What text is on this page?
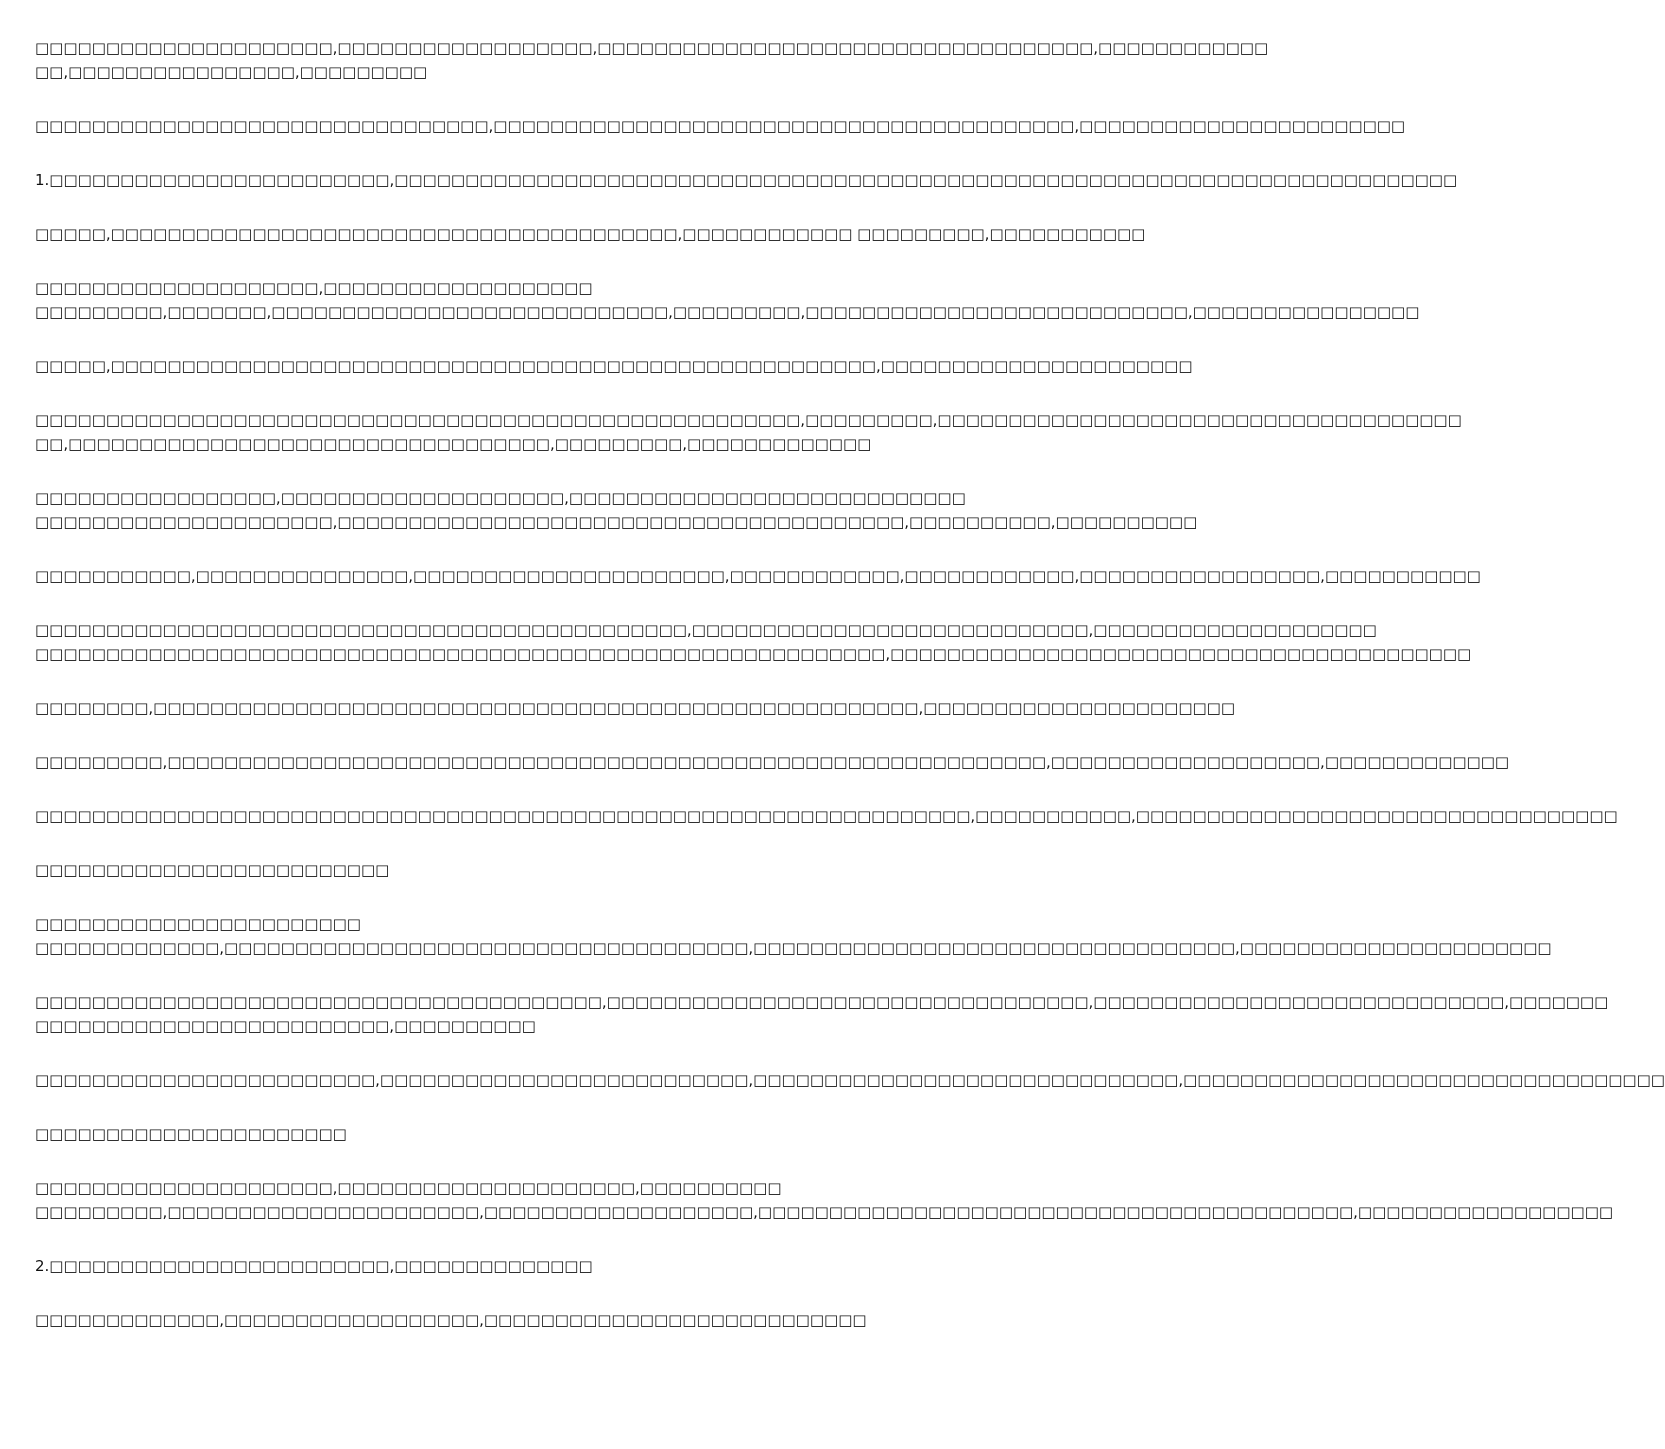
□□□□□□□□□□□□□□□□□□□□□,□□□□□□□□□□□□□□□□□□,□□□□□□□□□□□□□□□□□□□□□□□□□□□□□□□□□□□,□□□□□□□□□□□□
□□,□□□□□□□□□□□□□□□□,□□□□□□□□□

□□□□□□□□□□□□□□□□□□□□□□□□□□□□□□□□,□□□□□□□□□□□□□□□□□□□□□□□□□□□□□□□□□□□□□□□□□,□□□□□□□□□□□□□□□□□□□□□□□

1.□□□□□□□□□□□□□□□□□□□□□□□□,□□□□□□□□□□□□□□□□□□□□□□□□□□□□□□□□□□□□□□□□□□□□□□□□□□□□□□□□□□□□□□□□□□□□□□□□□□□

□□□□□,□□□□□□□□□□□□□□□□□□□□□□□□□□□□□□□□□□□□□□□□,□□□□□□□□□□□□ □□□□□□□□□,□□□□□□□□□□□

□□□□□□□□□□□□□□□□□□□□,□□□□□□□□□□□□□□□□□□□
□□□□□□□□□,□□□□□□□,□□□□□□□□□□□□□□□□□□□□□□□□□□□□,□□□□□□□□□,□□□□□□□□□□□□□□□□□□□□□□□□□□□,□□□□□□□□□□□□□□□□

□□□□□,□□□□□□□□□□□□□□□□□□□□□□□□□□□□□□□□□□□□□□□□□□□□□□□□□□□□□□,□□□□□□□□□□□□□□□□□□□□□□

□□□□□□□□□□□□□□□□□□□□□□□□□□□□□□□□□□□□□□□□□□□□□□□□□□□□□□,□□□□□□□□□,□□□□□□□□□□□□□□□□□□□□□□□□□□□□□□□□□□□□□
□□,□□□□□□□□□□□□□□□□□□□□□□□□□□□□□□□□□□,□□□□□□□□□,□□□□□□□□□□□□□

□□□□□□□□□□□□□□□□□,□□□□□□□□□□□□□□□□□□□□,□□□□□□□□□□□□□□□□□□□□□□□□□□□□
□□□□□□□□□□□□□□□□□□□□□,□□□□□□□□□□□□□□□□□□□□□□□□□□□□□□□□□□□□□□□□,□□□□□□□□□□,□□□□□□□□□□

□□□□□□□□□□□,□□□□□□□□□□□□□□□,□□□□□□□□□□□□□□□□□□□□□□,□□□□□□□□□□□□,□□□□□□□□□□□□,□□□□□□□□□□□□□□□□□,□□□□□□□□□□□

□□□□□□□□□□□□□□□□□□□□□□□□□□□□□□□□□□□□□□□□□□□□□□,□□□□□□□□□□□□□□□□□□□□□□□□□□□□,□□□□□□□□□□□□□□□□□□□□
□□□□□□□□□□□□□□□□□□□□□□□□□□□□□□□□□□□□□□□□□□□□□□□□□□□□□□□□□□□□,□□□□□□□□□□□□□□□□□□□□□□□□□□□□□□□□□□□□□□□□□

□□□□□□□□,□□□□□□□□□□□□□□□□□□□□□□□□□□□□□□□□□□□□□□□□□□□□□□□□□□□□□□,□□□□□□□□□□□□□□□□□□□□□□

□□□□□□□□□,□□□□□□□□□□□□□□□□□□□□□□□□□□□□□□□□□□□□□□□□□□□□□□□□□□□□□□□□□□□□□□,□□□□□□□□□□□□□□□□□□□,□□□□□□□□□□□□□

□□□□□□□□□□□□□□□□□□□□□□□□□□□□□□□□□□□□□□□□□□□□□□□□□□□□□□□□□□□□□□□□□□,□□□□□□□□□□□,□□□□□□□□□□□□□□□□□□□□□□□□□□□□□□□□□□

□□□□□□□□□□□□□□□□□□□□□□□□□

□□□□□□□□□□□□□□□□□□□□□□□
□□□□□□□□□□□□□,□□□□□□□□□□□□□□□□□□□□□□□□□□□□□□□□□□□□□,□□□□□□□□□□□□□□□□□□□□□□□□□□□□□□□□□□,□□□□□□□□□□□□□□□□□□□□□□

□□□□□□□□□□□□□□□□□□□□□□□□□□□□□□□□□□□□□□□□,□□□□□□□□□□□□□□□□□□□□□□□□□□□□□□□□□□,□□□□□□□□□□□□□□□□□□□□□□□□□□□□□,□□□□□□□
□□□□□□□□□□□□□□□□□□□□□□□□□,□□□□□□□□□□

□□□□□□□□□□□□□□□□□□□□□□□□,□□□□□□□□□□□□□□□□□□□□□□□□□□,□□□□□□□□□□□□□□□□□□□□□□□□□□□□□□,□□□□□□□□□□□□□□□□□□□□□□□□□□□□□□□□□□

□□□□□□□□□□□□□□□□□□□□□□

□□□□□□□□□□□□□□□□□□□□□,□□□□□□□□□□□□□□□□□□□□□,□□□□□□□□□□
□□□□□□□□□,□□□□□□□□□□□□□□□□□□□□□□,□□□□□□□□□□□□□□□□□□□,□□□□□□□□□□□□□□□□□□□□□□□□□□□□□□□□□□□□□□□□□□,□□□□□□□□□□□□□□□□□□

2.□□□□□□□□□□□□□□□□□□□□□□□□,□□□□□□□□□□□□□□

□□□□□□□□□□□□□,□□□□□□□□□□□□□□□□□□,□□□□□□□□□□□□□□□□□□□□□□□□□□□
